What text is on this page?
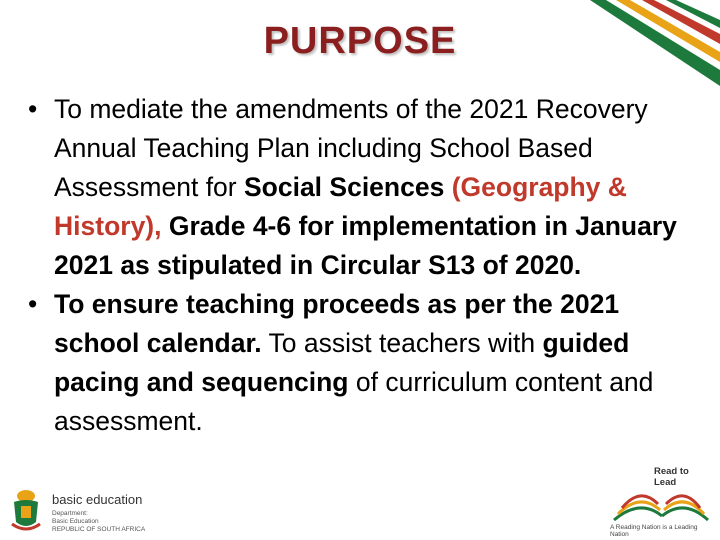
PURPOSE
• To mediate the amendments of the 2021 Recovery Annual Teaching Plan including School Based Assessment for Social Sciences (Geography & History), Grade 4-6 for implementation in January 2021 as stipulated in Circular S13 of 2020.
• To ensure teaching proceeds as per the 2021 school calendar. To assist teachers with guided pacing and sequencing of curriculum content and assessment.
basic education
Department:
Basic Education
REPUBLIC OF SOUTH AFRICA
Read to Lead
A Reading Nation is a Leading Nation
